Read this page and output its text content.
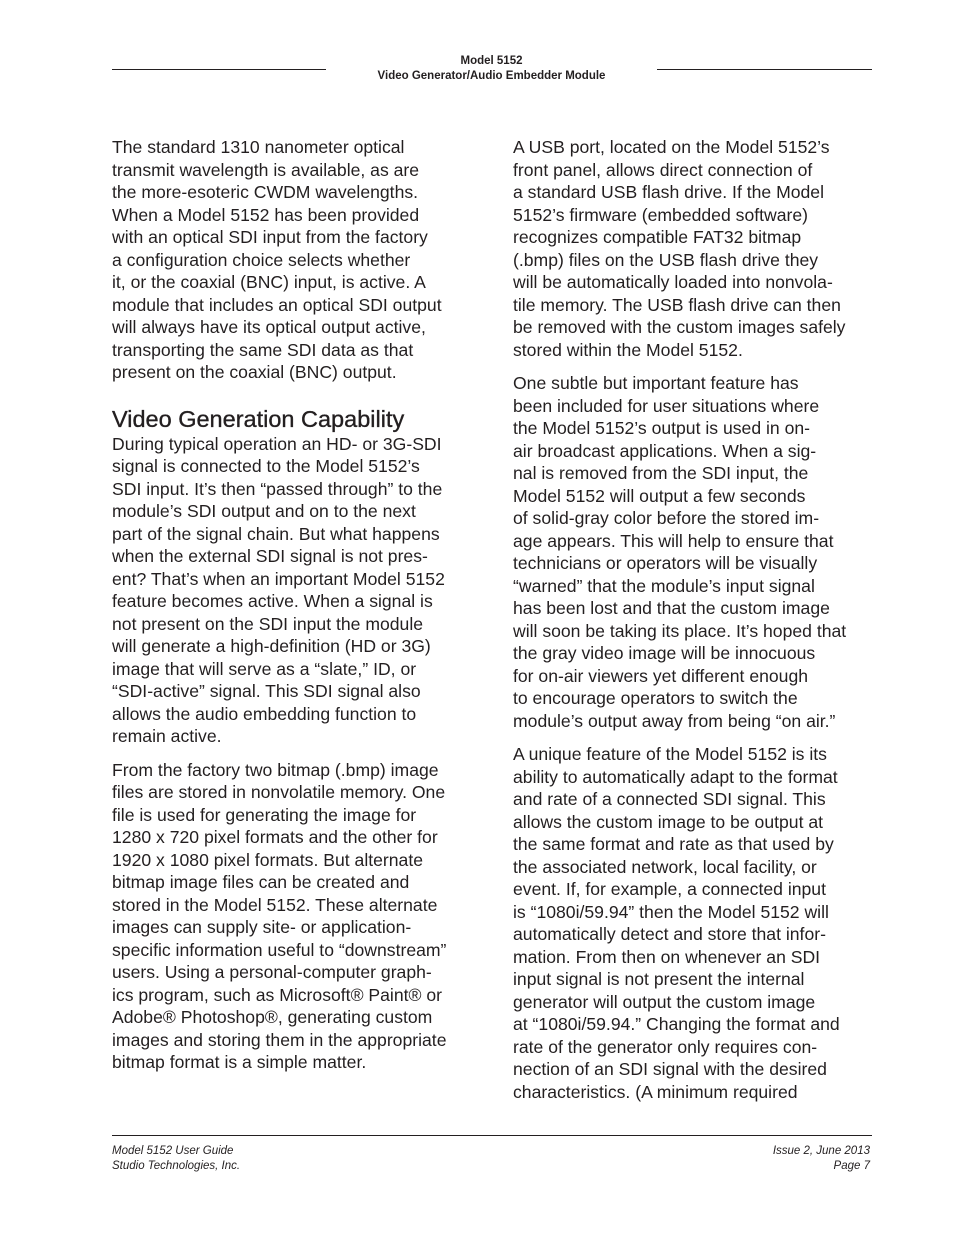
Model 5152
Video Generator/Audio Embedder Module

The standard 1310 nanometer optical
transmit wavelength is available, as are
the more-esoteric CWDM wavelengths.
When a Model 5152 has been provided
with an optical SDI input from the factory
a configuration choice selects whether
it, or the coaxial (BNC) input, is active. A
module that includes an optical SDI output
will always have its optical output active,
transporting the same SDI data as that
present on the coaxial (BNC) output.

Video Generation Capability

During typical operation an HD- or 3G-SDI
signal is connected to the Model 5152’s
SDI input. It’s then “passed through” to the
module’s SDI output and on to the next
part of the signal chain. But what happens
when the external SDI signal is not pres-
ent? That’s when an important Model 5152
feature becomes active. When a signal is
not present on the SDI input the module
will generate a high-definition (HD or 3G)
image that will serve as a “slate,” ID, or
“SDI-active” signal. This SDI signal also
allows the audio embedding function to
remain active.

From the factory two bitmap (.bmp) image
files are stored in nonvolatile memory. One
file is used for generating the image for
1280 x 720 pixel formats and the other for
1920 x 1080 pixel formats. But alternate
bitmap image files can be created and
stored in the Model 5152. These alternate
images can supply site- or application-
specific information useful to “downstream”
users. Using a personal-computer graph-
ics program, such as Microsoft® Paint® or
Adobe® Photoshop®, generating custom
images and storing them in the appropriate
bitmap format is a simple matter.

A USB port, located on the Model 5152’s
front panel, allows direct connection of
a standard USB flash drive. If the Model
5152’s firmware (embedded software)
recognizes compatible FAT32 bitmap
(.bmp) files on the USB flash drive they
will be automatically loaded into nonvola-
tile memory. The USB flash drive can then
be removed with the custom images safely
stored within the Model 5152.

One subtle but important feature has
been included for user situations where
the Model 5152’s output is used in on-
air broadcast applications. When a sig-
nal is removed from the SDI input, the
Model 5152 will output a few seconds
of solid-gray color before the stored im-
age appears. This will help to ensure that
technicians or operators will be visually
“warned” that the module’s input signal
has been lost and that the custom image
will soon be taking its place. It’s hoped that
the gray video image will be innocuous
for on-air viewers yet different enough
to encourage operators to switch the
module’s output away from being “on air.”

A unique feature of the Model 5152 is its
ability to automatically adapt to the format
and rate of a connected SDI signal. This
allows the custom image to be output at
the same format and rate as that used by
the associated network, local facility, or
event. If, for example, a connected input
is “1080i/59.94” then the Model 5152 will
automatically detect and store that infor-
mation. From then on whenever an SDI
input signal is not present the internal
generator will output the custom image
at “1080i/59.94.” Changing the format and
rate of the generator only requires con-
nection of an SDI signal with the desired
characteristics. (A minimum required

Model 5152 User Guide
Studio Technologies, Inc.
Issue 2, June 2013
Page 7
